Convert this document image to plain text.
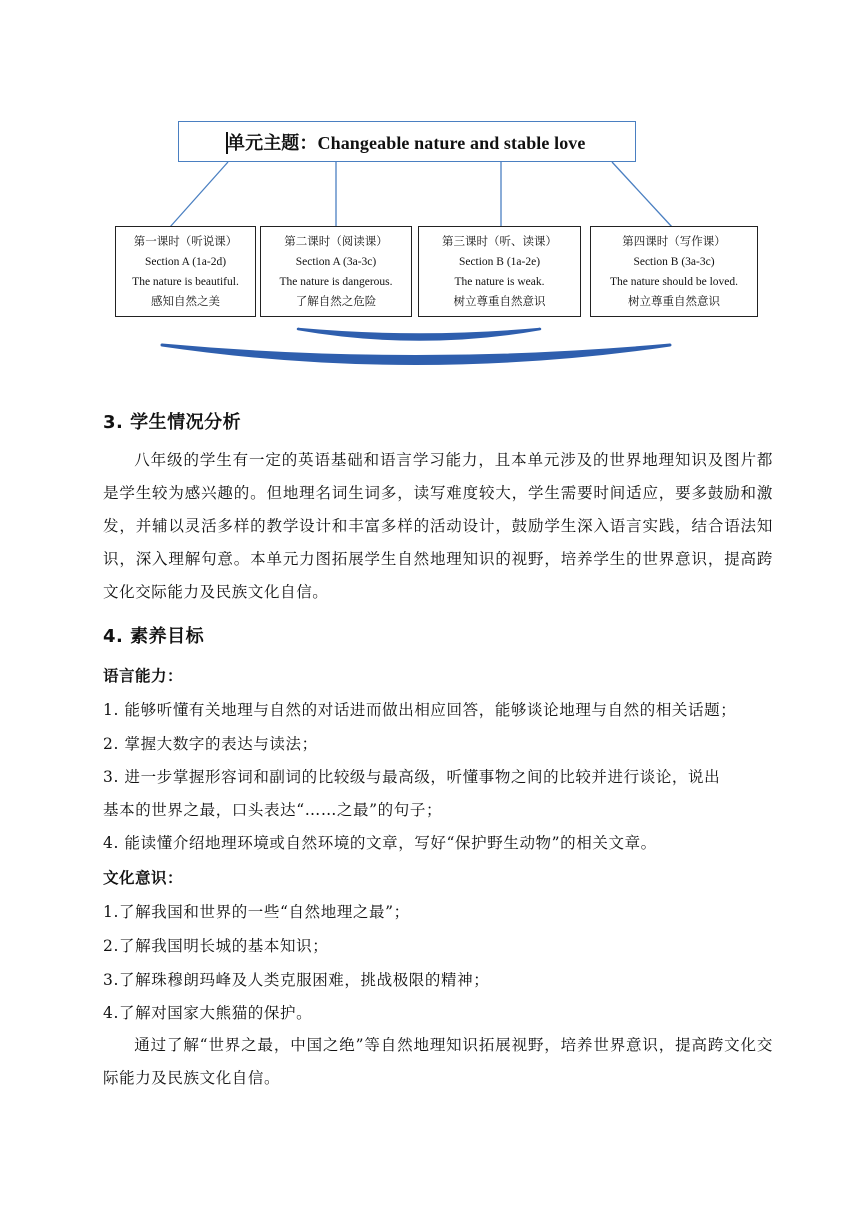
单元主题：Changeable nature and stable love
第一课时（听说课）
Section A (1a-2d)
The nature is beautiful.
感知自然之美
第二课时（阅读课）
Section A (3a-3c)
The nature is dangerous.
了解自然之危险
第三课时（听、读课）
Section B (1a-2e)
The nature is weak.
树立尊重自然意识
第四课时（写作课）
Section B (3a-3c)
The nature should be loved.
树立尊重自然意识
3. 学生情况分析
八年级的学生有一定的英语基础和语言学习能力，且本单元涉及的世界地理知识及图片都是学生较为感兴趣的。但地理名词生词多，读写难度较大，学生需要时间适应，要多鼓励和激发，并辅以灵活多样的教学设计和丰富多样的活动设计，鼓励学生深入语言实践，结合语法知识，深入理解句意。本单元力图拓展学生自然地理知识的视野，培养学生的世界意识，提高跨文化交际能力及民族文化自信。
4. 素养目标
语言能力：
1. 能够听懂有关地理与自然的对话进而做出相应回答，能够谈论地理与自然的相关话题；
2. 掌握大数字的表达与读法；
3. 进一步掌握形容词和副词的比较级与最高级，听懂事物之间的比较并进行谈论，说出
基本的世界之最，口头表达“……之最”的句子；
4. 能读懂介绍地理环境或自然环境的文章，写好“保护野生动物”的相关文章。
文化意识：
1.了解我国和世界的一些“自然地理之最”；
2.了解我国明长城的基本知识；
3.了解珠穆朗玛峰及人类克服困难，挑战极限的精神；
4.了解对国家大熊猫的保护。
通过了解“世界之最，中国之绝”等自然地理知识拓展视野，培养世界意识，提高跨文化交际能力及民族文化自信。
